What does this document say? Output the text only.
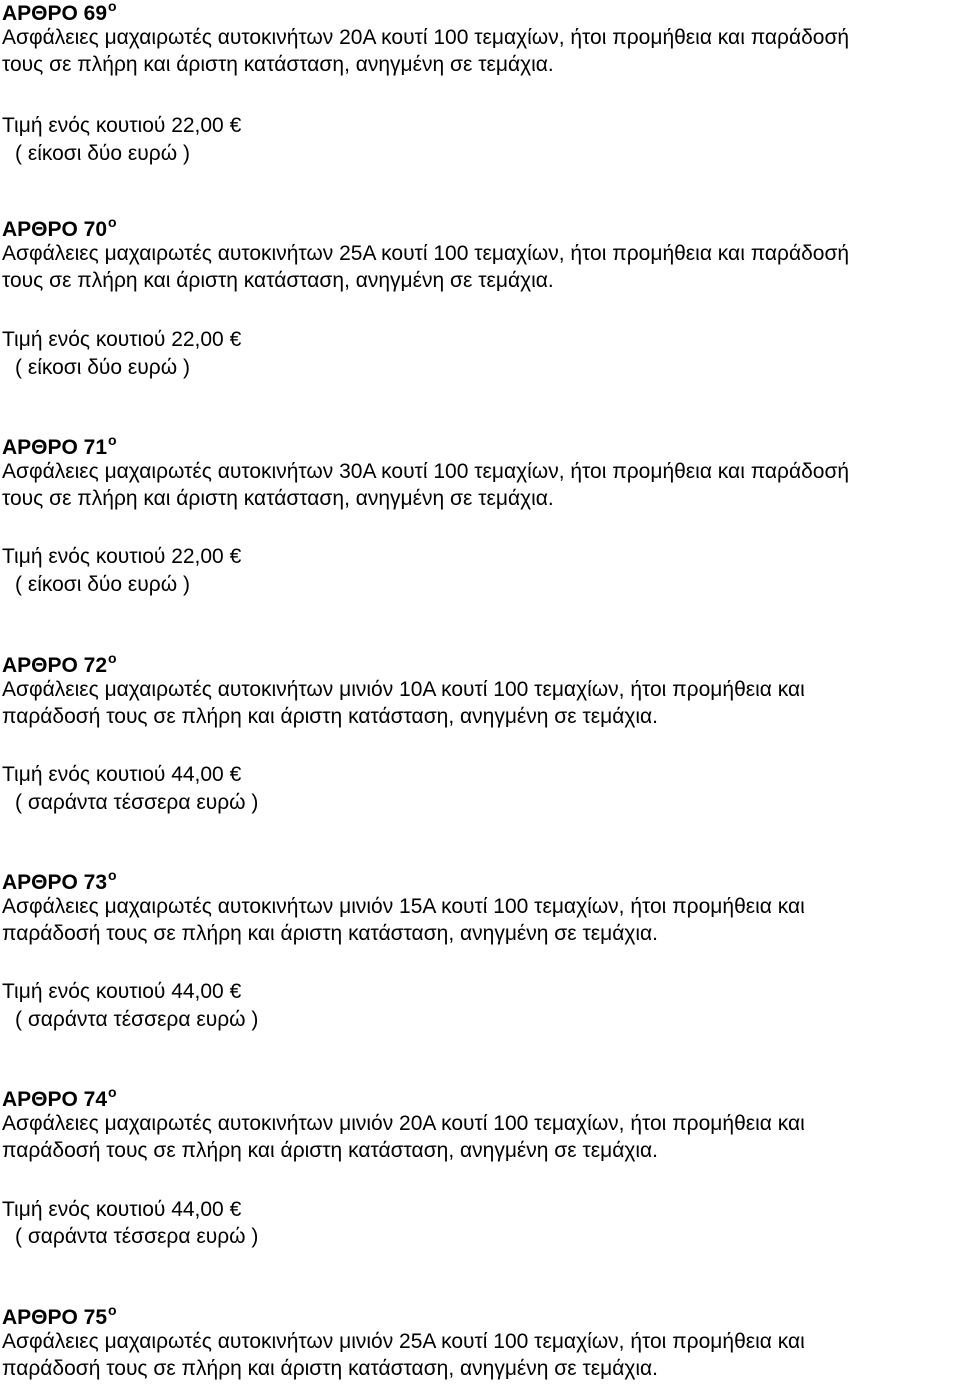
ΑΡΘΡΟ $69^o$
Ασφάλειες μαχαιρωτές αυτοκινήτων 20Α κουτί 100 τεμαχίων, ήτοι προμήθεια και παράδοσή
τους σε πλήρη και άριστη κατάσταση, ανηγμένη σε τεμάχια.
Τιμή ενός κουτιού 22,00 €
( είκοσι δύο ευρώ )
ΑΡΘΡΟ $70^o$
Ασφάλειες μαχαιρωτές αυτοκινήτων 25Α κουτί 100 τεμαχίων, ήτοι προμήθεια και παράδοσή
τους σε πλήρη και άριστη κατάσταση, ανηγμένη σε τεμάχια.
Τιμή ενός κουτιού 22,00 €
( είκοσι δύο ευρώ )
ΑΡΘΡΟ $71^o$
Ασφάλειες μαχαιρωτές αυτοκινήτων 30Α κουτί 100 τεμαχίων, ήτοι προμήθεια και παράδοσή
τους σε πλήρη και άριστη κατάσταση, ανηγμένη σε τεμάχια.
Τιμή ενός κουτιού 22,00 €
( είκοσι δύο ευρώ )
ΑΡΘΡΟ $72^o$
Ασφάλειες μαχαιρωτές αυτοκινήτων μινιόν 10Α κουτί 100 τεμαχίων, ήτοι προμήθεια και
παράδοσή τους σε πλήρη και άριστη κατάσταση, ανηγμένη σε τεμάχια.
Τιμή ενός κουτιού 44,00 €
( σαράντα τέσσερα ευρώ )
ΑΡΘΡΟ $73^o$
Ασφάλειες μαχαιρωτές αυτοκινήτων μινιόν 15Α κουτί 100 τεμαχίων, ήτοι προμήθεια και
παράδοσή τους σε πλήρη και άριστη κατάσταση, ανηγμένη σε τεμάχια.
Τιμή ενός κουτιού 44,00 €
( σαράντα τέσσερα ευρώ )
ΑΡΘΡΟ $74^o$
Ασφάλειες μαχαιρωτές αυτοκινήτων μινιόν 20Α κουτί 100 τεμαχίων, ήτοι προμήθεια και
παράδοσή τους σε πλήρη και άριστη κατάσταση, ανηγμένη σε τεμάχια.
Τιμή ενός κουτιού 44,00 €
( σαράντα τέσσερα ευρώ )
ΑΡΘΡΟ $75^o$
Ασφάλειες μαχαιρωτές αυτοκινήτων μινιόν 25Α κουτί 100 τεμαχίων, ήτοι προμήθεια και
παράδοσή τους σε πλήρη και άριστη κατάσταση, ανηγμένη σε τεμάχια.
